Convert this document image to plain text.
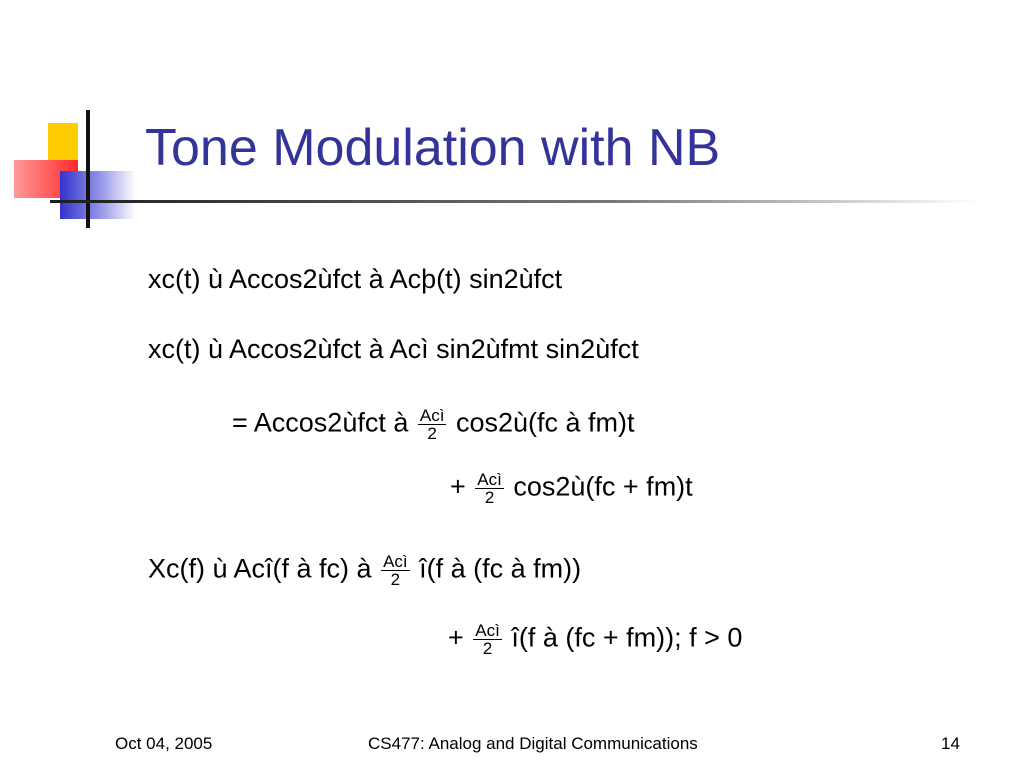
Tone Modulation with NB
xc(t) ù Accos2ùfct à Acþ(t) sin2ùfct
xc(t) ù Accos2ùfct à Acì sin2ùfmt sin2ùfct
= Accos2ùfct à $\frac{\text{Acì}}{2}$ cos2ù(fc à fm)t
+ $\frac{\text{Acì}}{2}$ cos2ù(fc + fm)t
Xc(f) ù Acî(f à fc) à $\frac{\text{Acì}}{2}$ î(f à (fc à fm))
+ $\frac{\text{Acì}}{2}$ î(f à (fc + fm)); f > 0
Oct 04, 2005	CS477: Analog and Digital Communications	14
